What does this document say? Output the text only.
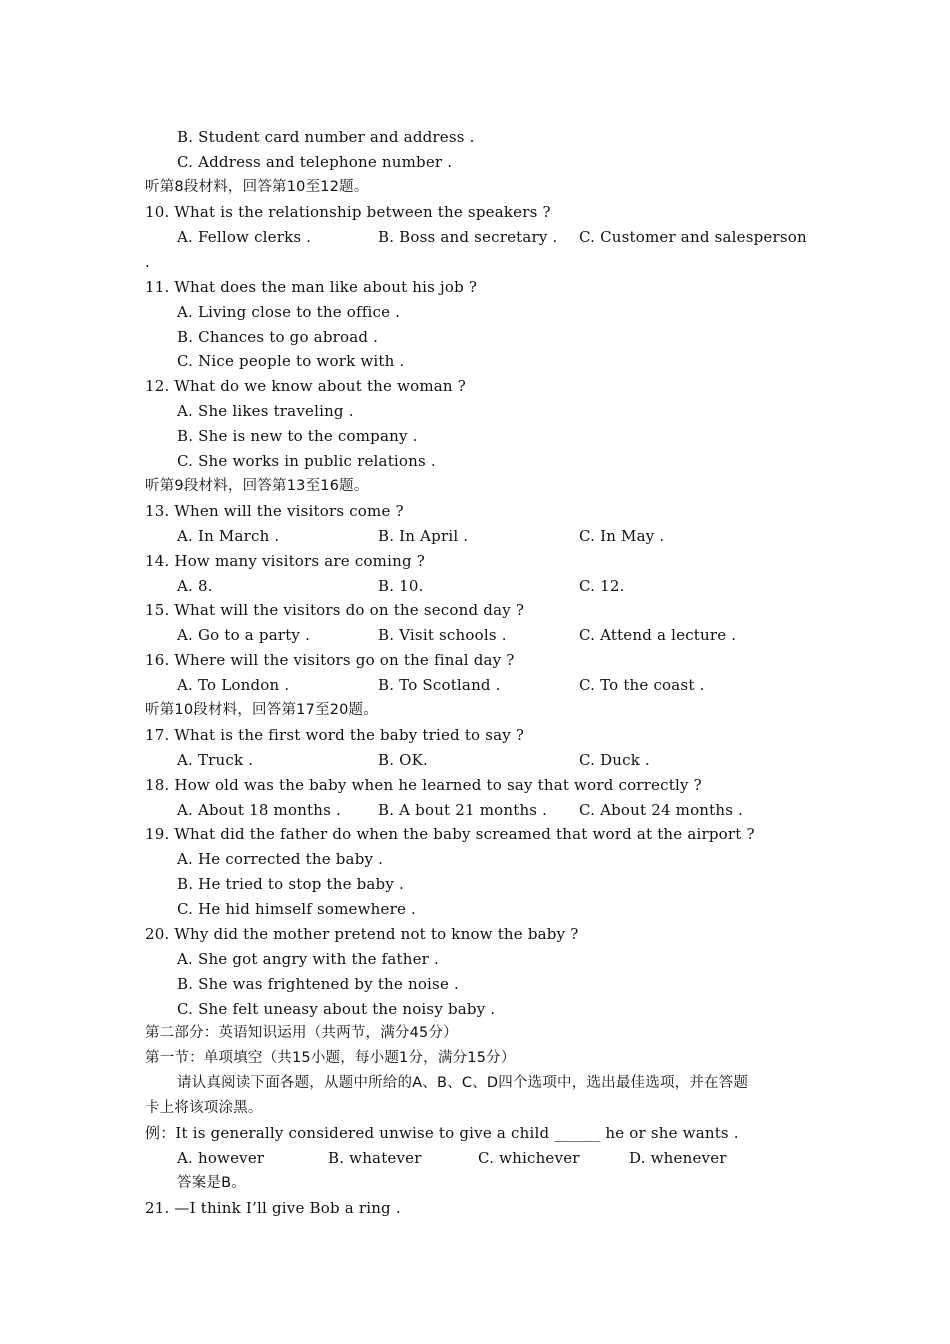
B. Student card number and address .
C. Address and telephone number .
听第8段材料，回答第10至12题。
10. What is the relationship between the speakers ?
A. Fellow clerks .	B. Boss and secretary . C. Customer and salesperson
.
11. What does the man like about his job ?
A. Living close to the office .
B. Chances to go abroad .
C. Nice people to work with .
12. What do we know about the woman ?
A. She likes traveling .
B. She is new to the company .
C. She works in public relations .
听第9段材料，回答第13至16题。
13. When will the visitors come ?
A. In March .	B. In April .	C. In May .
14. How many visitors are coming ?
A. 8.	B. 10.	C. 12.
15. What will the visitors do on the second day ?
A. Go to a party .	B. Visit schools .	C. Attend a lecture .
16. Where will the visitors go on the final day ?
A. To London .	B. To Scotland .	C. To the coast .
听第10段材料，回答第17至20题。
17. What is the first word the baby tried to say ?
A. Truck .	B. OK.	C. Duck .
18. How old was the baby when he learned to say that word correctly ?
A. About 18 months . B. A bout 21 months . C. About 24 months .
19. What did the father do when the baby screamed that word at the airport ?
A. He corrected the baby .
B. He tried to stop the baby .
C. He hid himself somewhere .
20. Why did the mother pretend not to know the baby ?
A. She got angry with the father .
B. She was frightened by the noise .
C. She felt uneasy about the noisy baby .
第二部分：英语知识运用（共两节，满分45分）
第一节：单项填空（共15小题，每小题1分，满分15分）
请认真阅读下面各题，从题中所给的A、B、C、D四个选项中，选出最佳选项，并在答题
卡上将该项涂黑。
例：It is generally considered unwise to give a child ______ he or she wants .
A. however	B. whatever	C. whichever	D. whenever
答案是B。
21. —I think I’ll give Bob a ring .
